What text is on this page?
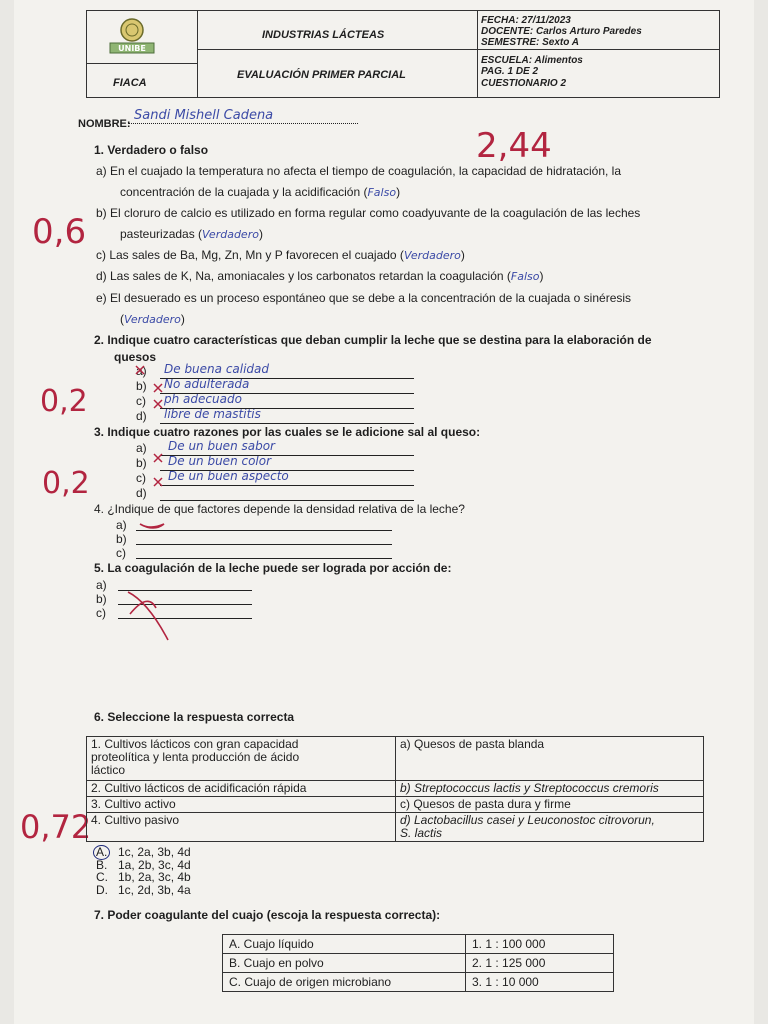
UNIBE
FIACA
INDUSTRIAS LÁCTEAS
EVALUACIÓN PRIMER PARCIAL
FECHA: 27/11/2023
DOCENTE: Carlos Arturo Paredes
SEMESTRE: Sexto A
ESCUELA: Alimentos
PAG. 1 DE 2
CUESTIONARIO 2
NOMBRE:
Sandi Mishell Cadena
2,44
0,6
0,2
0,2
0,72
1. Verdadero o falso
a) En el cuajado la temperatura no afecta el tiempo de coagulación, la capacidad de hidratación, la
concentración de la cuajada y la acidificación (Falso)
b) El cloruro de calcio es utilizado en forma regular como coadyuvante de la coagulación de las leches
pasteurizadas (Verdadero)
c) Las sales de Ba, Mg, Zn, Mn y P favorecen el cuajado (Verdadero)
d) Las sales de K, Na, amoniacales y los carbonatos retardan la coagulación (Falso)
e) El desuerado es un proceso espontáneo que se debe a la concentración de la cuajada o sinéresis
(Verdadero)
2. Indique cuatro características que deban cumplir la leche que se destina para la elaboración de
quesos
a)
b)
c)
d)
De buena calidad
No adulterada
ph adecuado
libre de mastitis
3. Indique cuatro razones por las cuales se le adicione sal al queso:
a)
b)
c)
d)
De un buen sabor
De un buen color
De un buen aspecto
4. ¿Indique de que factores depende la densidad relativa de la leche?
a)
b)
c)
5. La coagulación de la leche puede ser lograda por acción de:
a)
b)
c)
6. Seleccione la respuesta correcta
1. Cultivos lácticos con gran capacidad
proteolítica y lenta producción de ácido
láctico	a) Quesos de pasta blanda

2. Cultivo lácticos de acidificación rápida	b) Streptococcus lactis y Streptococcus cremoris

3. Cultivo activo	c) Quesos de pasta dura y firme

4. Cultivo pasivo	d) Lactobacillus casei y Leuconostoc citrovorun,
S. lactis
A. 1c, 2a, 3b, 4d
B. 1a, 2b, 3c, 4d
C. 1b, 2a, 3c, 4b
D. 1c, 2d, 3b, 4a
7. Poder coagulante del cuajo (escoja la respuesta correcta):
A. Cuajo líquido	1. 1 : 100 000
B. Cuajo en polvo	2. 1 : 125 000
C. Cuajo de origen microbiano	3. 1 : 10 000
